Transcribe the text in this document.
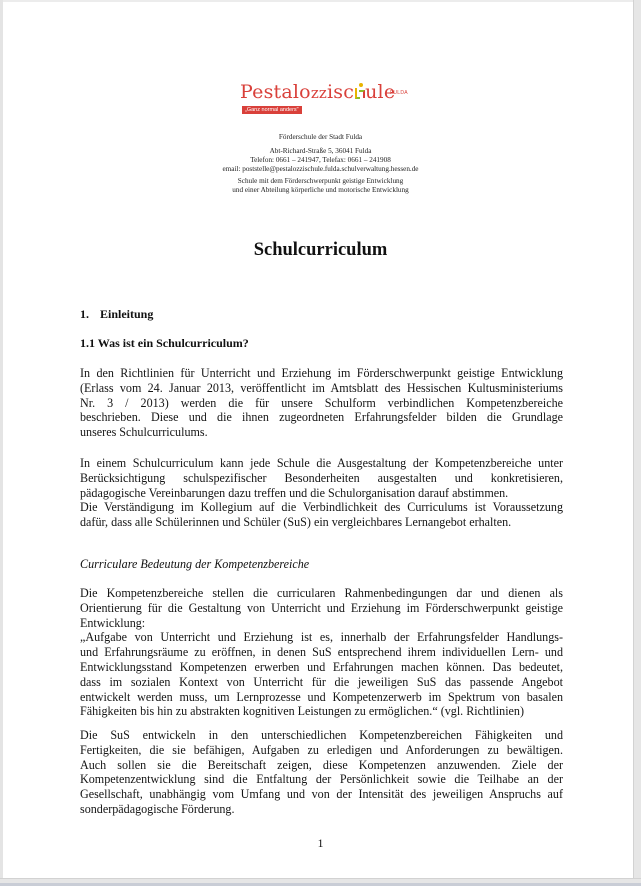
Pestalozzisc ule
FULDA
„Ganz normal anders"
Förderschule der Stadt Fulda
Abt-Richard-Straße 5, 36041 Fulda
Telefon: 0661 – 241947, Telefax: 0661 – 241908
email: poststelle@pestalozzischule.fulda.schulverwaltung.hessen.de
Schule mit dem Förderschwerpunkt geistige Entwicklung
und einer Abteilung körperliche und motorische Entwicklung
Schulcurriculum
1. Einleitung
1.1 Was ist ein Schulcurriculum?
In den Richtlinien für Unterricht und Erziehung im Förderschwerpunkt geistige Entwicklung
(Erlass vom 24. Januar 2013, veröffentlicht im Amtsblatt des Hessischen Kultusministeriums
Nr. 3 / 2013) werden die für unsere Schulform verbindlichen Kompetenzbereiche
beschrieben. Diese und die ihnen zugeordneten Erfahrungsfelder bilden die Grundlage
unseres Schulcurriculums.
In einem Schulcurriculum kann jede Schule die Ausgestaltung der Kompetenzbereiche unter
Berücksichtigung schulspezifischer Besonderheiten ausgestalten und konkretisieren,
pädagogische Vereinbarungen dazu treffen und die Schulorganisation darauf abstimmen.
Die Verständigung im Kollegium auf die Verbindlichkeit des Curriculums ist Voraussetzung
dafür, dass alle Schülerinnen und Schüler (SuS) ein vergleichbares Lernangebot erhalten.
Curriculare Bedeutung der Kompetenzbereiche
Die Kompetenzbereiche stellen die curricularen Rahmenbedingungen dar und dienen als
Orientierung für die Gestaltung von Unterricht und Erziehung im Förderschwerpunkt geistige
Entwicklung:
„Aufgabe von Unterricht und Erziehung ist es, innerhalb der Erfahrungsfelder Handlungs-
und Erfahrungsräume zu eröffnen, in denen SuS entsprechend ihrem individuellen Lern- und
Entwicklungsstand Kompetenzen erwerben und Erfahrungen machen können. Das bedeutet,
dass im sozialen Kontext von Unterricht für die jeweiligen SuS das passende Angebot
entwickelt werden muss, um Lernprozesse und Kompetenzerwerb im Spektrum von basalen
Fähigkeiten bis hin zu abstrakten kognitiven Leistungen zu ermöglichen.“ (vgl. Richtlinien)
Die SuS entwickeln in den unterschiedlichen Kompetenzbereichen Fähigkeiten und
Fertigkeiten, die sie befähigen, Aufgaben zu erledigen und Anforderungen zu bewältigen.
Auch sollen sie die Bereitschaft zeigen, diese Kompetenzen anzuwenden. Ziele der
Kompetenzentwicklung sind die Entfaltung der Persönlichkeit sowie die Teilhabe an der
Gesellschaft, unabhängig vom Umfang und von der Intensität des jeweiligen Anspruchs auf
sonderpädagogische Förderung.
1
